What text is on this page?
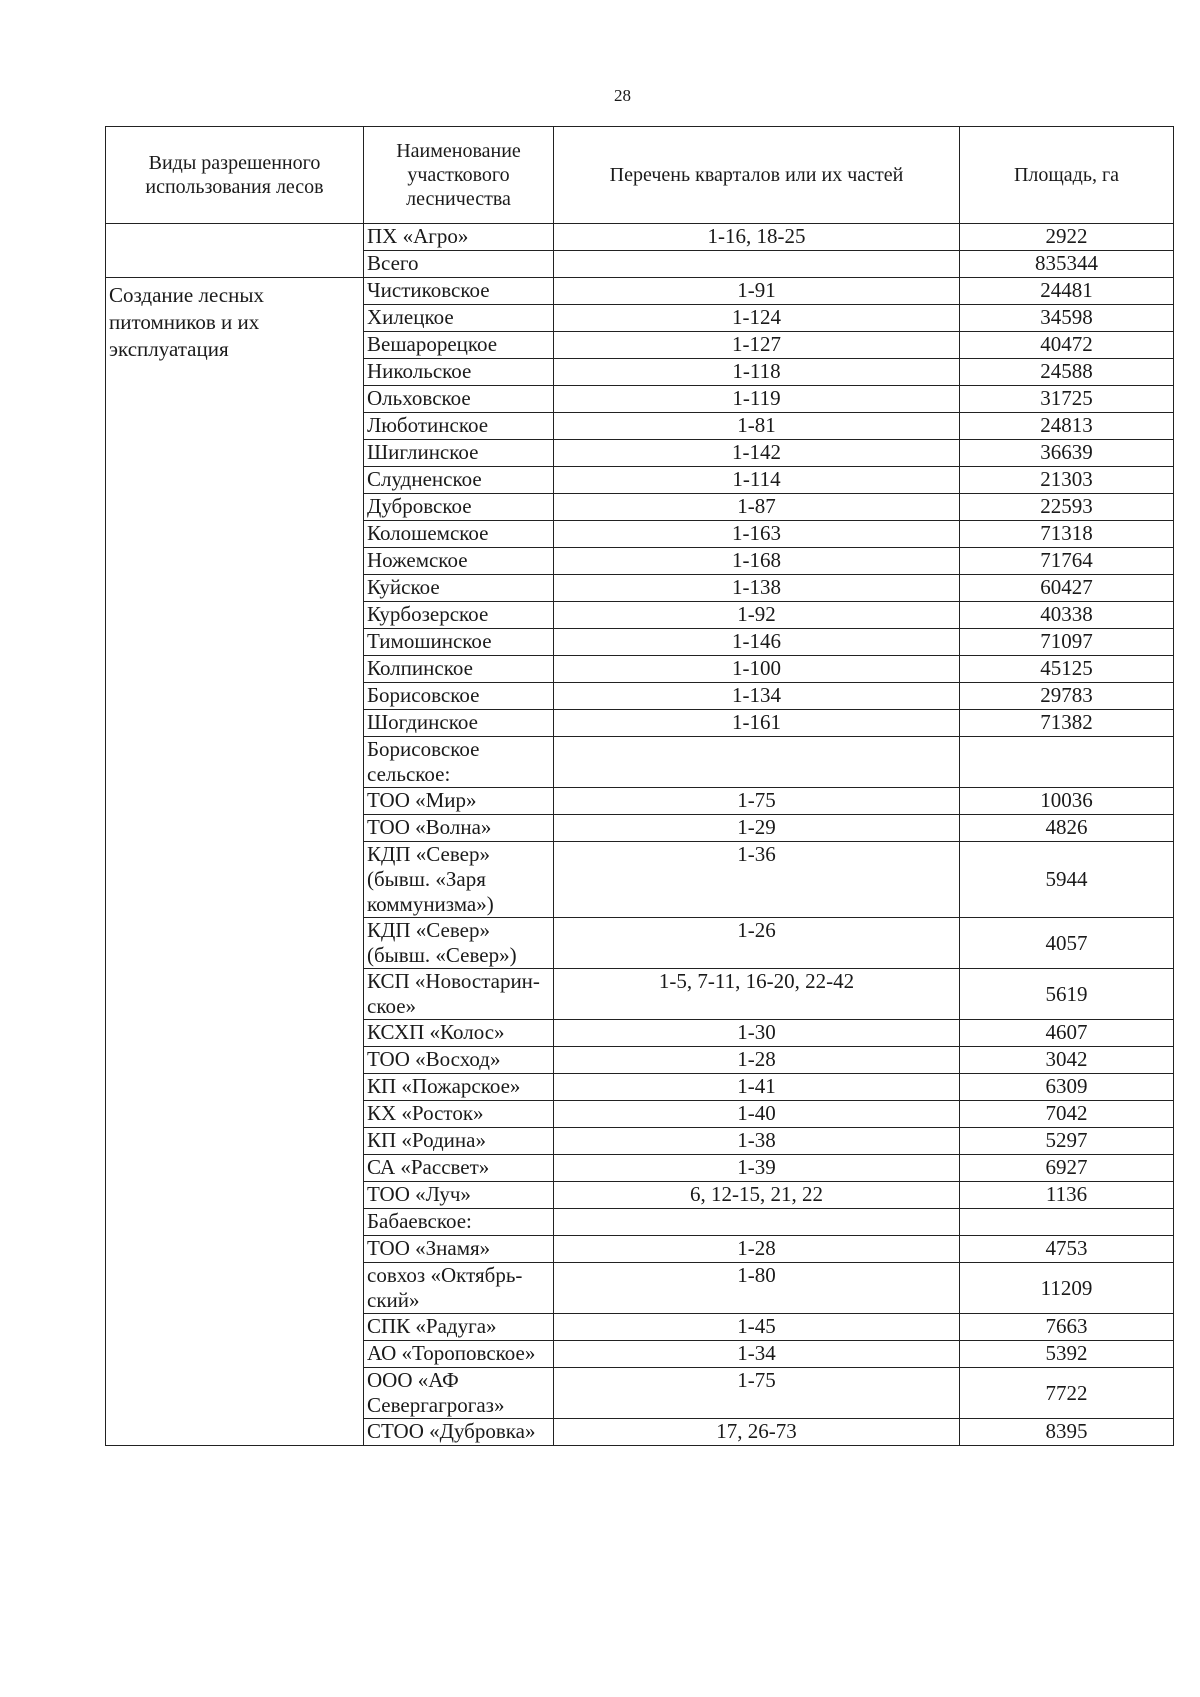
28
Виды разрешенного использования лесов	Наименование участкового лесничества	Перечень кварталов или их частей	Площадь, га
	ПХ «Агро»	1-16, 18-25	2922
	Всего		835344
Создание лесных питомников и их эксплуатация	Чистиковское	1-91	24481
	Хилецкое	1-124	34598
	Вешарорецкое	1-127	40472
	Никольское	1-118	24588
	Ольховское	1-119	31725
	Люботинское	1-81	24813
	Шиглинское	1-142	36639
	Слудненское	1-114	21303
	Дубровское	1-87	22593
	Колошемское	1-163	71318
	Ножемское	1-168	71764
	Куйское	1-138	60427
	Курбозерское	1-92	40338
	Тимошинское	1-146	71097
	Колпинское	1-100	45125
	Борисовское	1-134	29783
	Шогдинское	1-161	71382
	Борисовское сельское:		
	ТОО «Мир»	1-75	10036
	ТОО «Волна»	1-29	4826
	КДП «Север» (бывш. «Заря коммунизма»)	1-36	5944
	КДП «Север» (бывш. «Север»)	1-26	4057
	КСП «Новостарин-ское»	1-5, 7-11, 16-20, 22-42	5619
	КСХП «Колос»	1-30	4607
	ТОО «Восход»	1-28	3042
	КП «Пожарское»	1-41	6309
	КХ «Росток»	1-40	7042
	КП «Родина»	1-38	5297
	СА «Рассвет»	1-39	6927
	ТОО «Луч»	6, 12-15, 21, 22	1136
	Бабаевское:		
	ТОО «Знамя»	1-28	4753
	совхоз «Октябрь-ский»	1-80	11209
	СПК «Радуга»	1-45	7663
	АО «Тороповское»	1-34	5392
	ООО «АФ Севергагрогаз»	1-75	7722
	СТОО «Дубровка»	17, 26-73	8395
